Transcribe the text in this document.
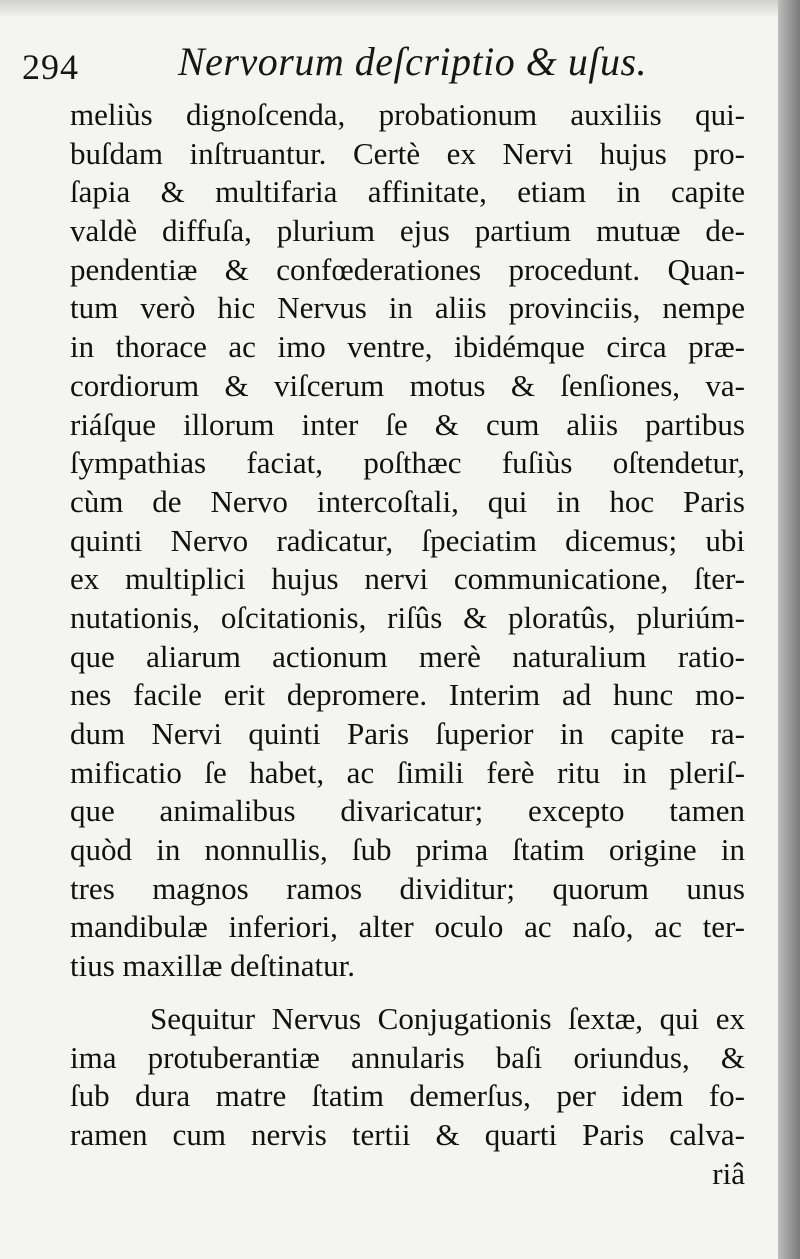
294 Nervorum deſcriptio & uſus.
meliùs dignoſcenda, probationum auxiliis qui-
buſdam inſtruantur. Certè ex Nervi hujus pro-
ſapia & multifaria affinitate, etiam in capite
valdè diffuſa, plurium ejus partium mutuæ de-
pendentiæ & confœderationes procedunt. Quan-
tum verò hic Nervus in aliis provinciis, nempe
in thorace ac imo ventre, ibidémque circa præ-
cordiorum & viſcerum motus & ſenſiones, va-
riáſque illorum inter ſe & cum aliis partibus
ſympathias faciat, poſthæc fuſiùs oſtendetur,
cùm de Nervo intercoſtali, qui in hoc Paris
quinti Nervo radicatur, ſpeciatim dicemus; ubi
ex multiplici hujus nervi communicatione, ſter-
nutationis, oſcitationis, riſûs & ploratûs, pluriúm-
que aliarum actionum merè naturalium ratio-
nes facile erit depromere. Interim ad hunc mo-
dum Nervi quinti Paris ſuperior in capite ra-
mificatio ſe habet, ac ſimili ferè ritu in pleriſ-
que animalibus divaricatur; excepto tamen
quòd in nonnullis, ſub prima ſtatim origine in
tres magnos ramos dividitur; quorum unus
mandibulæ inferiori, alter oculo ac naſo, ac ter-
tius maxillæ deſtinatur.
Sequitur Nervus Conjugationis ſextæ, qui ex
ima protuberantiæ annularis baſi oriundus, &
ſub dura matre ſtatim demerſus, per idem fo-
ramen cum nervis tertii & quarti Paris calva-
riâ
